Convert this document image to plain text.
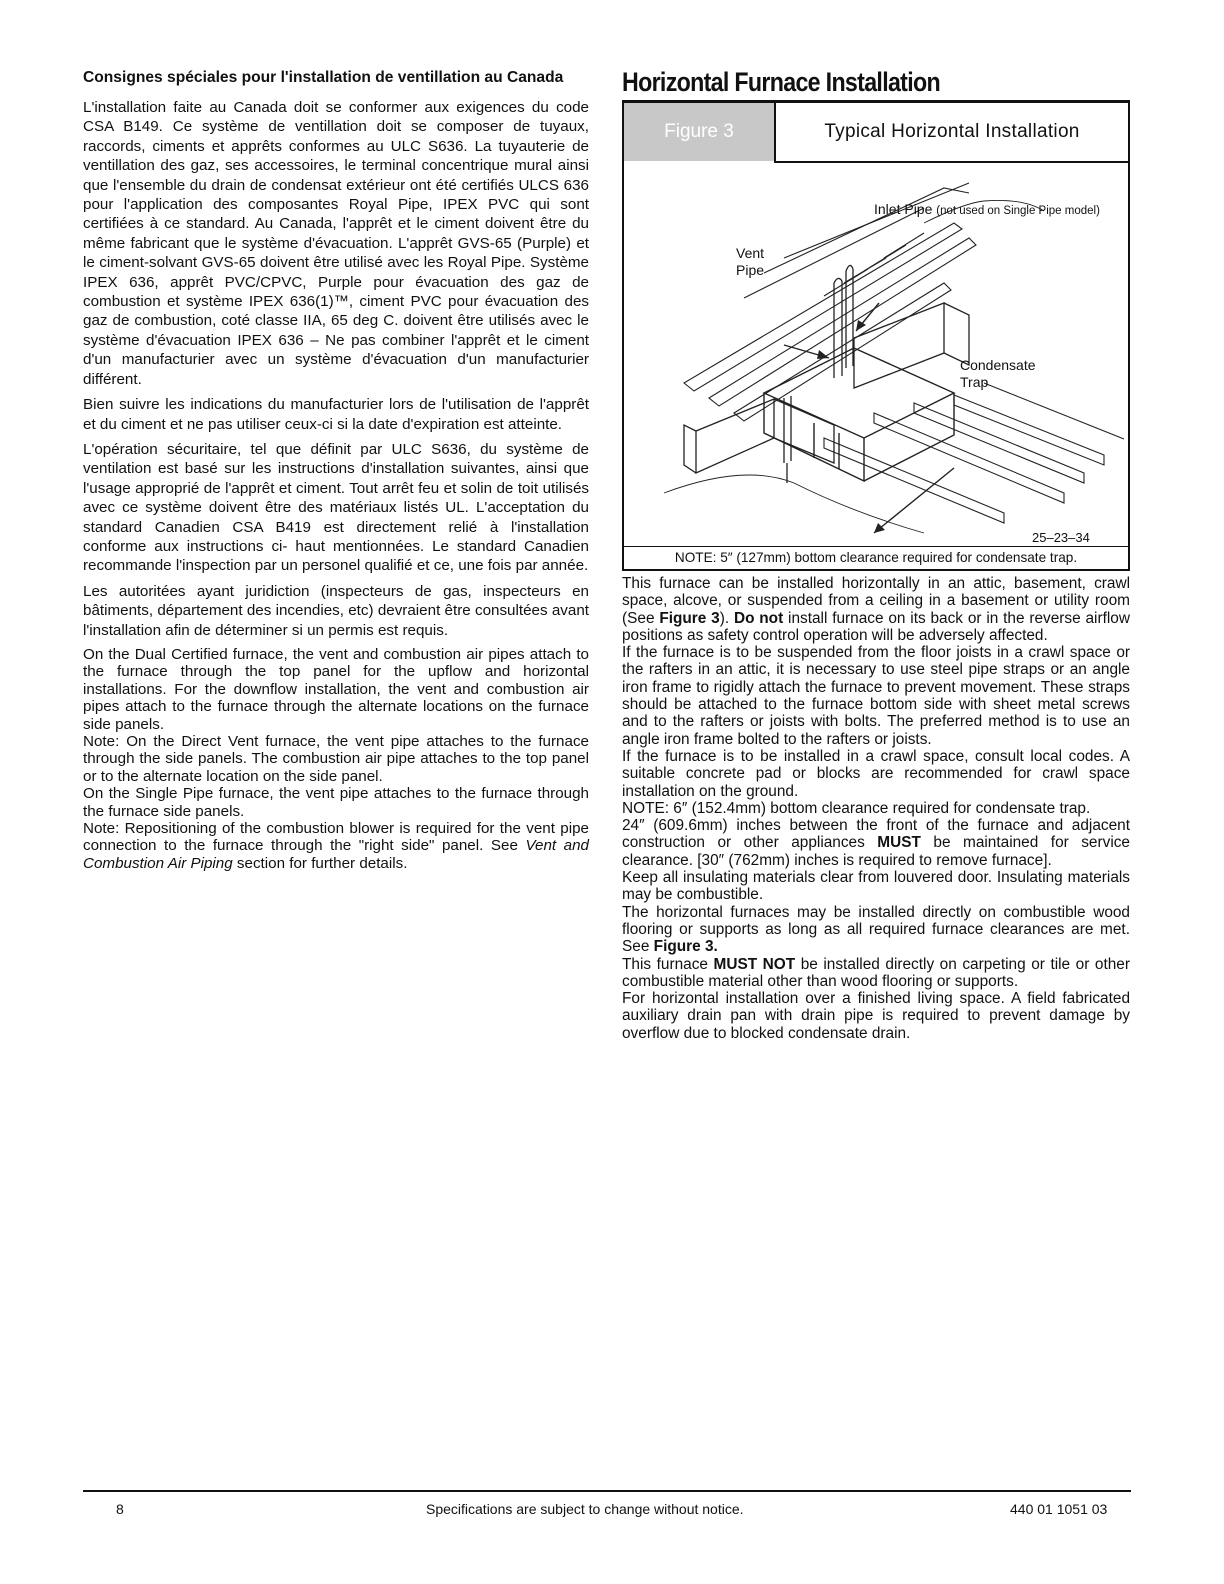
Consignes spéciales pour l'installation de ventillation au Canada

L'installation faite au Canada doit se conformer aux exigences du code CSA B149. Ce système de ventillation doit se composer de tuyaux, raccords, ciments et apprêts conformes au ULC S636. La tuyauterie de ventillation des gaz, ses accessoires, le terminal concentrique mural ainsi que l'ensemble du drain de condensat extérieur ont été certifiés ULCS 636 pour l'application des composantes Royal Pipe, IPEX PVC qui sont certifiées à ce standard. Au Canada, l'apprêt et le ciment doivent être du même fabricant que le système d'évacuation. L'apprêt GVS-65 (Purple) et le ciment-solvant GVS-65 doivent être utilisé avec les Royal Pipe. Système IPEX 636, apprêt PVC/CPVC, Purple pour évacuation des gaz de combustion et système IPEX 636(1)™, ciment PVC pour évacuation des gaz de combustion, coté classe IIA, 65 deg C. doivent être utilisés avec le système d'évacuation IPEX 636 – Ne pas combiner l'apprêt et le ciment d'un manufacturier avec un système d'évacuation d'un manufacturier différent.

Bien suivre les indications du manufacturier lors de l'utilisation de l'apprêt et du ciment et ne pas utiliser ceux-ci si la date d'expiration est atteinte.

L'opération sécuritaire, tel que définit par ULC S636, du système de ventilation est basé sur les instructions d'installation suivantes, ainsi que l'usage approprié de l'apprêt et ciment. Tout arrêt feu et solin de toit utilisés avec ce système doivent être des matériaux listés UL. L'acceptation du standard Canadien CSA B419 est directement relié à l'installation conforme aux instructions ci- haut mentionnées. Le standard Canadien recommande l'inspection par un personel qualifié et ce, une fois par année.

Les autoritées ayant juridiction (inspecteurs de gas, inspecteurs en bâtiments, département des incendies, etc) devraient être consultées avant l'installation afin de déterminer si un permis est requis.

On the Dual Certified furnace, the vent and combustion air pipes attach to the furnace through the top panel for the upflow and horizontal installations. For the downflow installation, the vent and combustion air pipes attach to the furnace through the alternate locations on the furnace side panels.

Note: On the Direct Vent furnace, the vent pipe attaches to the furnace through the side panels. The combustion air pipe attaches to the top panel or to the alternate location on the side panel.

On the Single Pipe furnace, the vent pipe attaches to the furnace through the furnace side panels.

Note: Repositioning of the combustion blower is required for the vent pipe connection to the furnace through the "right side" panel. See Vent and Combustion Air Piping section for further details.

Horizontal Furnace Installation
Figure 3	Typical Horizontal Installation
Inlet Pipe (not used on Single Pipe model)
Vent
Pipe
Condensate
Trap
25–23–34
NOTE: 5″ (127mm) bottom clearance required for condensate trap.

This furnace can be installed horizontally in an attic, basement, crawl space, alcove, or suspended from a ceiling in a basement or utility room (See Figure 3). Do not install furnace on its back or in the reverse airflow positions as safety control operation will be adversely affected.

If the furnace is to be suspended from the floor joists in a crawl space or the rafters in an attic, it is necessary to use steel pipe straps or an angle iron frame to rigidly attach the furnace to prevent movement. These straps should be attached to the furnace bottom side with sheet metal screws and to the rafters or joists with bolts. The preferred method is to use an angle iron frame bolted to the rafters or joists.

If the furnace is to be installed in a crawl space, consult local codes. A suitable concrete pad or blocks are recommended for crawl space installation on the ground.

NOTE: 6″ (152.4mm) bottom clearance required for condensate trap.

24″ (609.6mm) inches between the front of the furnace and adjacent construction or other appliances MUST be maintained for service clearance. [30″ (762mm) inches is required to remove furnace].

Keep all insulating materials clear from louvered door. Insulating materials may be combustible.

The horizontal furnaces may be installed directly on combustible wood flooring or supports as long as all required furnace clearances are met. See Figure 3.

This furnace MUST NOT be installed directly on carpeting or tile or other combustible material other than wood flooring or supports.

For horizontal installation over a finished living space. A field fabricated auxiliary drain pan with drain pipe is required to prevent damage by overflow due to blocked condensate drain.

8	Specifications are subject to change without notice.	440 01 1051 03
